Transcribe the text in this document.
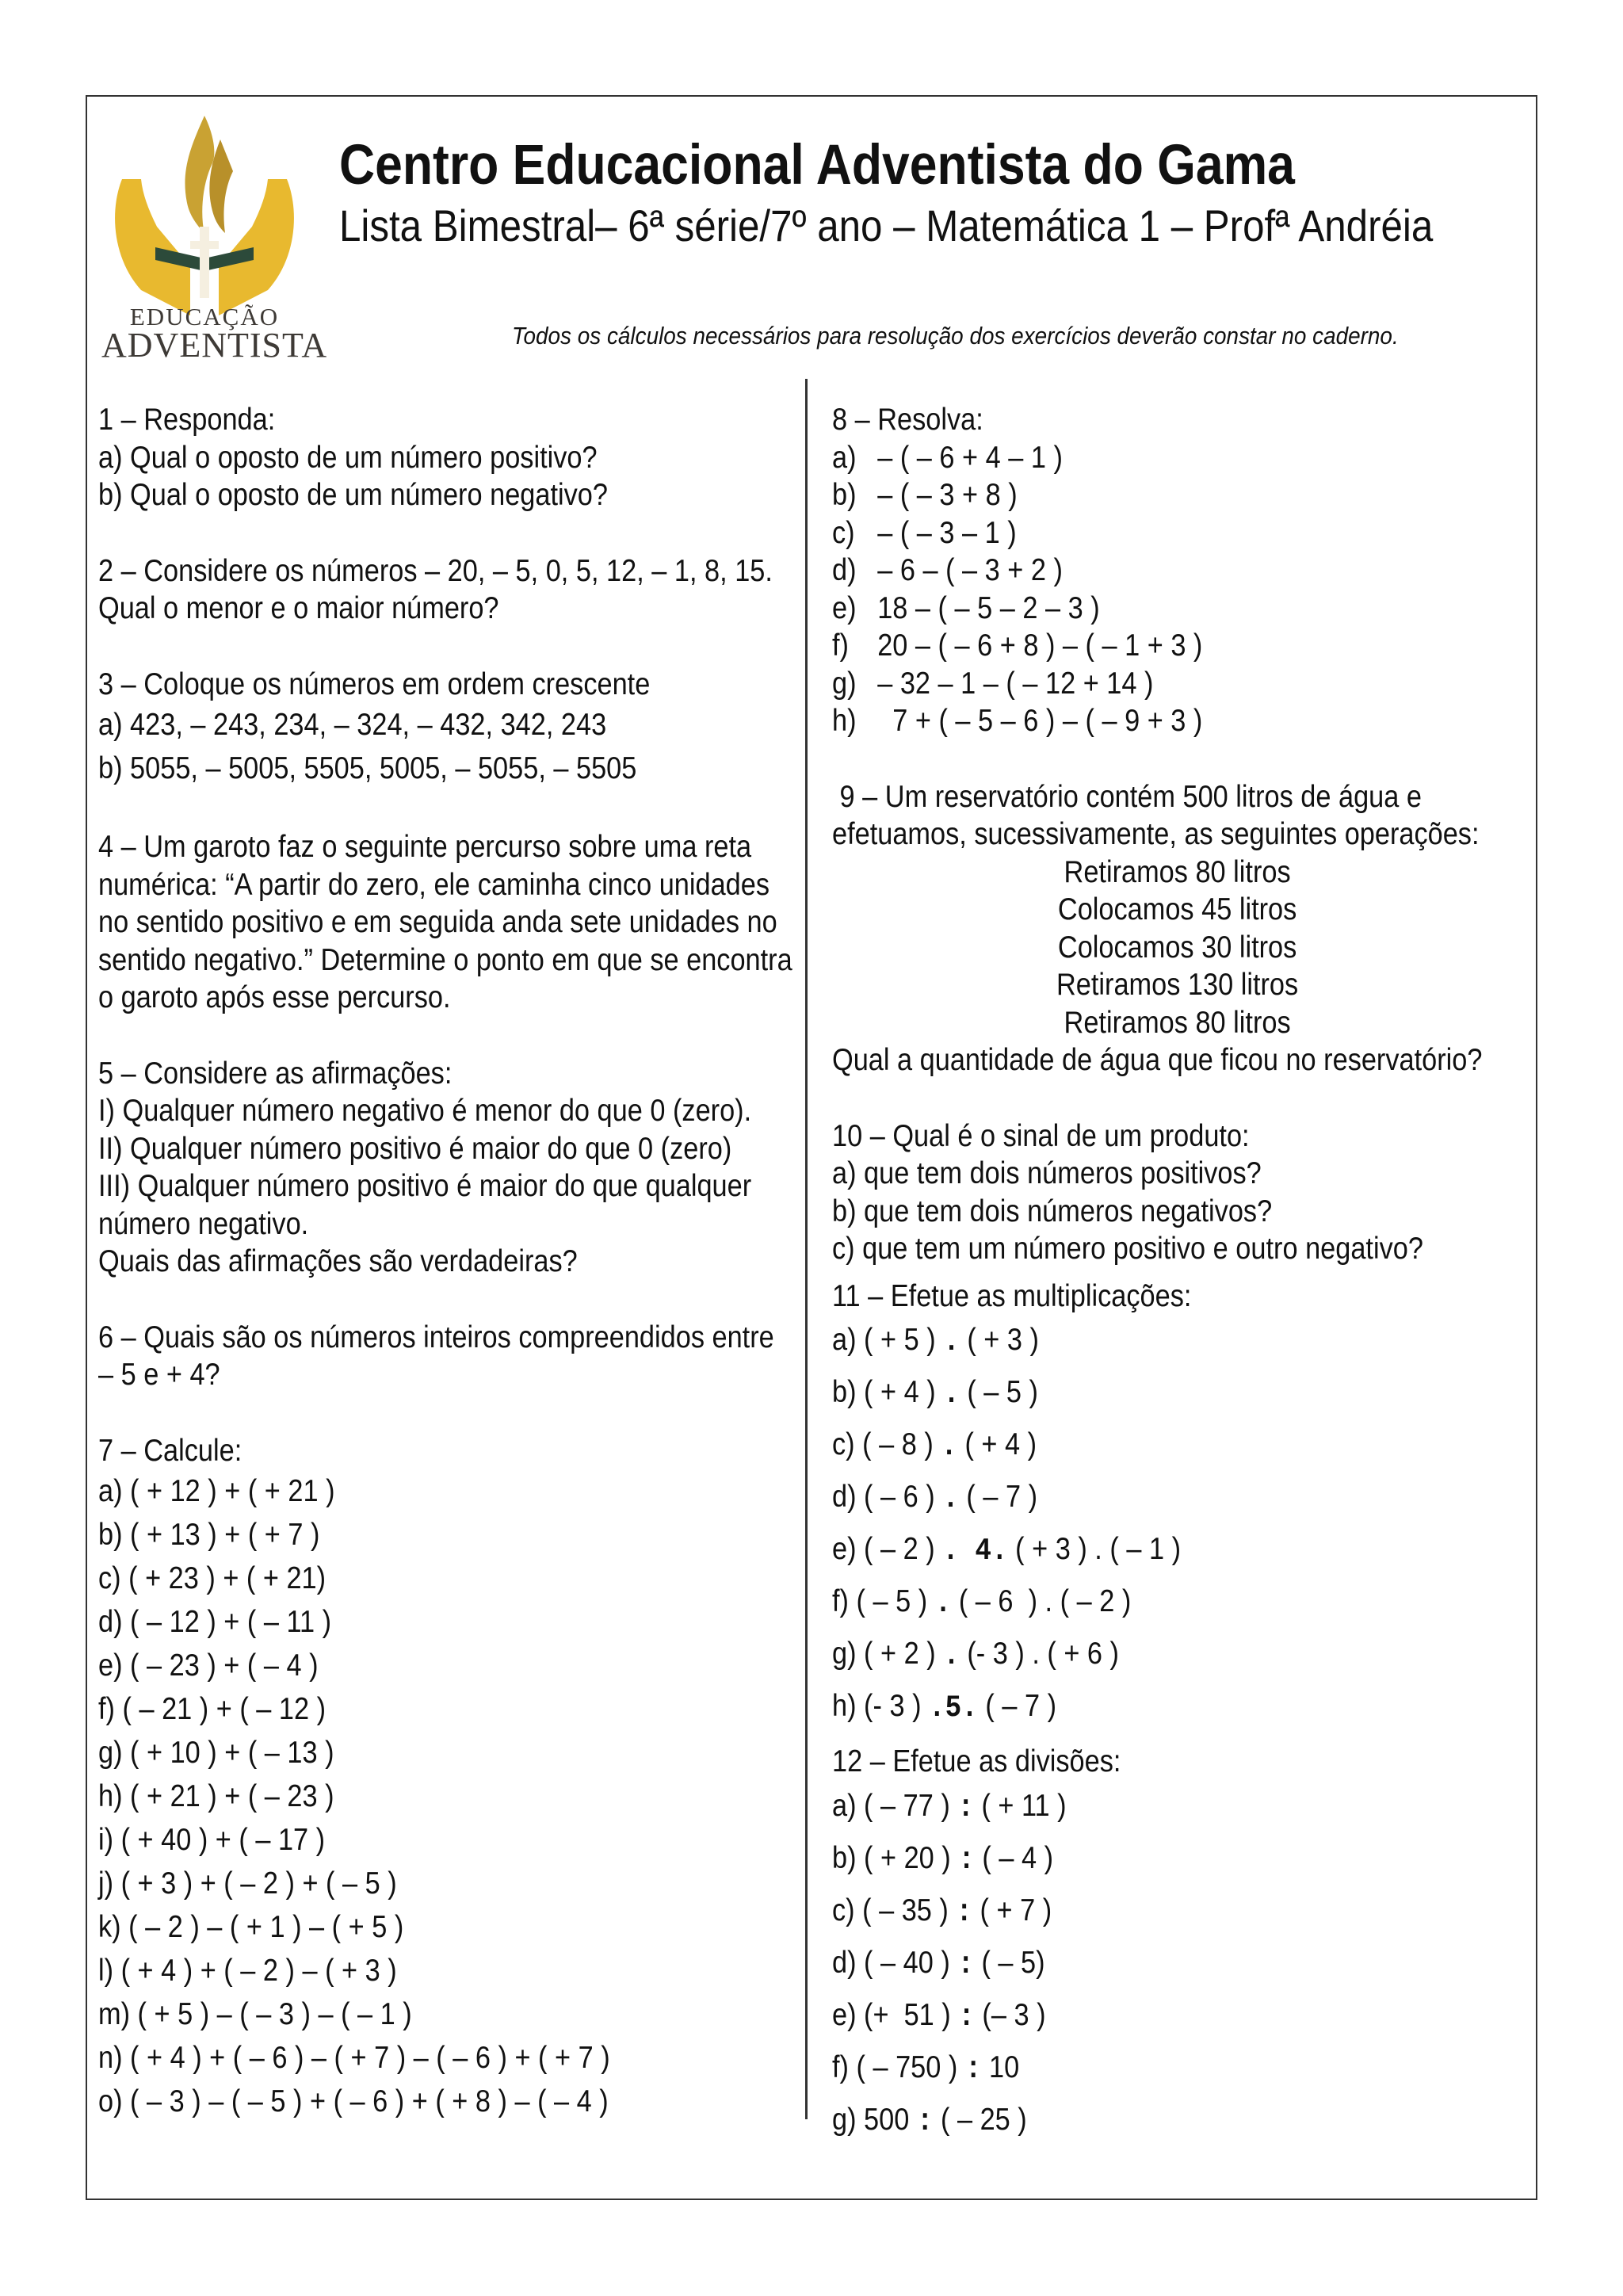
EDUCAÇÃO
ADVENTISTA
Centro Educacional Adventista do Gama
Lista Bimestral– 6ª série/7º ano – Matemática 1 – Profª Andréia
Todos os cálculos necessários para resolução dos exercícios deverão constar no caderno.
1 – Responda:
a) Qual o oposto de um número positivo?
b) Qual o oposto de um número negativo?
2 – Considere os números – 20, – 5, 0, 5, 12, – 1, 8, 15.
Qual o menor e o maior número?
3 – Coloque os números em ordem crescente
a) 423, – 243, 234, – 324, – 432, 342, 243
b) 5055, – 5005, 5505, 5005, – 5055, – 5505
4 – Um garoto faz o seguinte percurso sobre uma reta
numérica: “A partir do zero, ele caminha cinco unidades
no sentido positivo e em seguida anda sete unidades no
sentido negativo.” Determine o ponto em que se encontra
o garoto após esse percurso.
5 – Considere as afirmações:
I) Qualquer número negativo é menor do que 0 (zero).
II) Qualquer número positivo é maior do que 0 (zero)
III) Qualquer número positivo é maior do que qualquer
número negativo.
Quais das afirmações são verdadeiras?
6 – Quais são os números inteiros compreendidos entre
– 5 e + 4?
7 – Calcule:
a) ( + 12 ) + ( + 21 )
b) ( + 13 ) + ( + 7 )
c) ( + 23 ) + ( + 21)
d) ( – 12 ) + ( – 11 )
e) ( – 23 ) + ( – 4 )
f) ( – 21 ) + ( – 12 )
g) ( + 10 ) + ( – 13 )
h) ( + 21 ) + ( – 23 )
i) ( + 40 ) + ( – 17 )
j) ( + 3 ) + ( – 2 ) + ( – 5 )
k) ( – 2 ) – ( + 1 ) – ( + 5 )
l) ( + 4 ) + ( – 2 ) – ( + 3 )
m) ( + 5 ) – ( – 3 ) – ( – 1 )
n) ( + 4 ) + ( – 6 ) – ( + 7 ) – ( – 6 ) + ( + 7 )
o) ( – 3 ) – ( – 5 ) + ( – 6 ) + ( + 8 ) – ( – 4 )
8 – Resolva:
a) – ( – 6 + 4 – 1 )
b) – ( – 3 + 8 )
c) – ( – 3 – 1 )
d) – 6 – ( – 3 + 2 )
e) 18 – ( – 5 – 2 – 3 )
f) 20 – ( – 6 + 8 ) – ( – 1 + 3 )
g) – 32 – 1 – ( – 12 + 14 )
h)  7 + ( – 5 – 6 ) – ( – 9 + 3 )
9 – Um reservatório contém 500 litros de água e
efetuamos, sucessivamente, as seguintes operações:
Retiramos 80 litros
Colocamos 45 litros
Colocamos 30 litros
Retiramos 130 litros
Retiramos 80 litros
Qual a quantidade de água que ficou no reservatório?
10 – Qual é o sinal de um produto:
a) que tem dois números positivos?
b) que tem dois números negativos?
c) que tem um número positivo e outro negativo?
11 – Efetue as multiplicações:
a) ( + 5 ) . ( + 3 )
b) ( + 4 ) . ( – 5 )
c) ( – 8 ) . ( + 4 )
d) ( – 6 ) . ( – 7 )
e) ( – 2 ) . 4. ( + 3 ) . ( – 1 )
f) ( – 5 ) . ( – 6  ) . ( – 2 )
g) ( + 2 ) . (- 3 ) . ( + 6 )
h) (- 3 ) .5. ( – 7 )
12 – Efetue as divisões:
a) ( – 77 ) : ( + 11 )
b) ( + 20 ) : ( – 4 )
c) ( – 35 ) : ( + 7 )
d) ( – 40 ) : ( – 5)
e) (+  51 ) : (– 3 )
f) ( – 750 ) : 10
g) 500 : ( – 25 )
